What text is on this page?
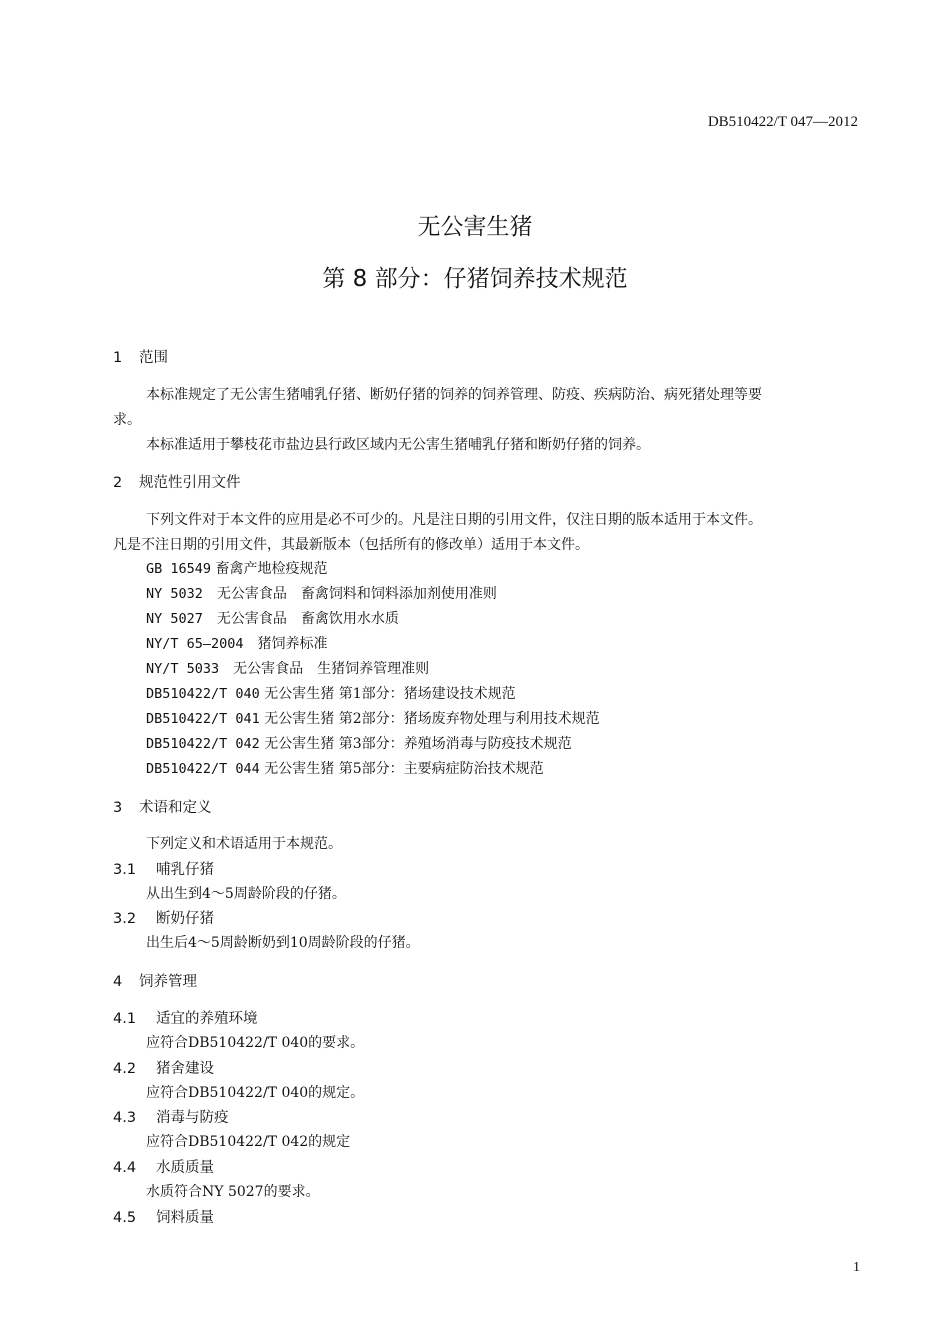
DB510422/T 047—2012
无公害生猪
第 8 部分：仔猪饲养技术规范
1 范围
本标准规定了无公害生猪哺乳仔猪、断奶仔猪的饲养的饲养管理、防疫、疾病防治、病死猪处理等要
求。
本标准适用于攀枝花市盐边县行政区域内无公害生猪哺乳仔猪和断奶仔猪的饲养。
2 规范性引用文件
下列文件对于本文件的应用是必不可少的。凡是注日期的引用文件，仅注日期的版本适用于本文件。
凡是不注日期的引用文件，其最新版本（包括所有的修改单）适用于本文件。
GB 16549 畜禽产地检疫规范
NY 5032　 无公害食品　畜禽饲料和饲料添加剂使用准则
NY 5027　 无公害食品　畜禽饮用水水质
NY/T 65—2004　 猪饲养标准
NY/T 5033　 无公害食品　生猪饲养管理准则
DB510422/T 040 无公害生猪 第1部分：猪场建设技术规范
DB510422/T 041 无公害生猪 第2部分：猪场废弃物处理与利用技术规范
DB510422/T 042 无公害生猪 第3部分：养殖场消毒与防疫技术规范
DB510422/T 044 无公害生猪 第5部分：主要病症防治技术规范
3 术语和定义
下列定义和术语适用于本规范。
3.1 哺乳仔猪
从出生到4～5周龄阶段的仔猪。
3.2 断奶仔猪
出生后4～5周龄断奶到10周龄阶段的仔猪。
4 饲养管理
4.1 适宜的养殖环境
应符合DB510422/T 040的要求。
4.2 猪舍建设
应符合DB510422/T 040的规定。
4.3 消毒与防疫
应符合DB510422/T 042的规定
4.4 水质质量
水质符合NY 5027的要求。
4.5 饲料质量
1
